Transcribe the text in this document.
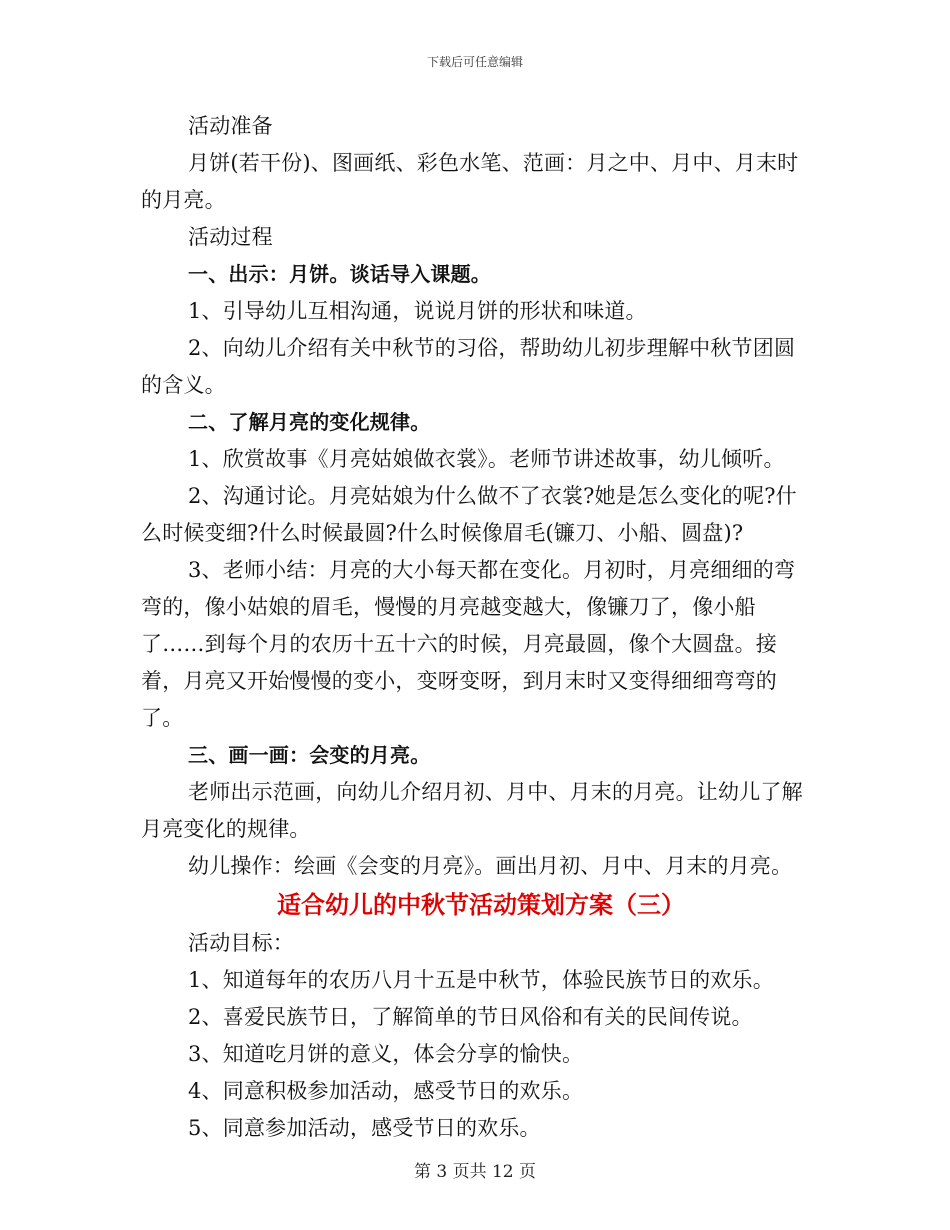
下载后可任意编辑
活动准备
月饼(若干份)、图画纸、彩色水笔、范画：月之中、月中、月末时的月亮。
活动过程
一、出示：月饼。谈话导入课题。
1、引导幼儿互相沟通，说说月饼的形状和味道。
2、向幼儿介绍有关中秋节的习俗，帮助幼儿初步理解中秋节团圆的含义。
二、了解月亮的变化规律。
1、欣赏故事《月亮姑娘做衣裳》。老师节讲述故事，幼儿倾听。
2、沟通讨论。月亮姑娘为什么做不了衣裳?她是怎么变化的呢?什么时候变细?什么时候最圆?什么时候像眉毛(镰刀、小船、圆盘)?
3、老师小结：月亮的大小每天都在变化。月初时，月亮细细的弯弯的，像小姑娘的眉毛，慢慢的月亮越变越大，像镰刀了，像小船了……到每个月的农历十五十六的时候，月亮最圆，像个大圆盘。接着，月亮又开始慢慢的变小，变呀变呀，到月末时又变得细细弯弯的了。
三、画一画：会变的月亮。
老师出示范画，向幼儿介绍月初、月中、月末的月亮。让幼儿了解月亮变化的规律。
幼儿操作：绘画《会变的月亮》。画出月初、月中、月末的月亮。
适合幼儿的中秋节活动策划方案（三）
活动目标：
1、知道每年的农历八月十五是中秋节，体验民族节日的欢乐。
2、喜爱民族节日，了解简单的节日风俗和有关的民间传说。
3、知道吃月饼的意义，体会分享的愉快。
4、同意积极参加活动，感受节日的欢乐。
5、同意参加活动，感受节日的欢乐。
第 3 页共 12 页
